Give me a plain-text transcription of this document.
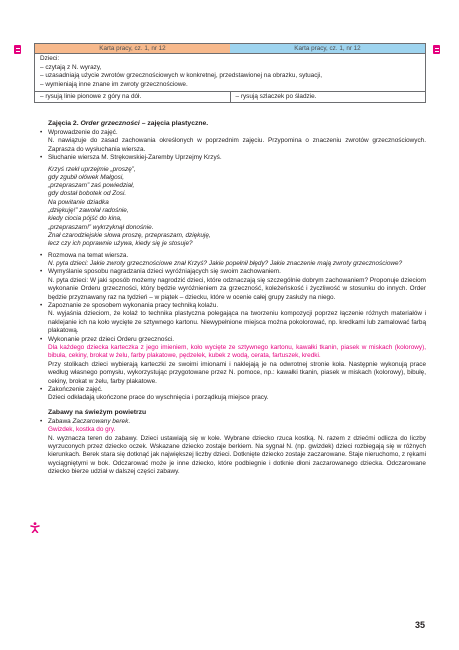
Karta pracy, cz. 1, nr 12	Karta pracy, cz. 1, nr 12
Dzieci:
– czytają z N. wyrazy,
– uzasadniają użycie zwrotów grzecznościowych w konkretnej, przedstawionej na obrazku, sytuacji,
– wymieniają inne znane im zwroty grzecznościowe.
– rysują linie pionowe z góry na dół.	– rysują szlaczek po śladzie.
Zajęcia 2. Order grzeczności – zajęcia plastyczne.
• Wprowadzenie do zajęć.
N. nawiązuje do zasad zachowania określonych w poprzednim zajęciu. Przypomina o znaczeniu zwrotów grzecznościowych. Zaprasza do wysłuchania wiersza.
• Słuchanie wiersza M. Strękowskiej-Zaremby Uprzejmy Krzyś.
Krzyś rzekł uprzejmie „proszę”,
gdy zgubił ołówek Małgosi,
„przepraszam” zaś powiedział,
gdy dostał bobotek od Zosi.
Na powitanie dziadka
„dziękuję!” zawołał radośnie,
kiedy ciocia pójść do kina,
„przepraszam!” wykrzyknął donośnie.
Znał czarodziejskie słowa proszę, przepraszam, dziękuję,
lecz czy ich poprawnie używa, kiedy się je stosuje?
• Rozmowa na temat wiersza.
N. pyta dzieci: Jakie zwroty grzecznościowe znał Krzyś? Jakie popełnił błędy? Jakie znaczenie mają zwroty grzecznościowe?
• Wymyślanie sposobu nagradzania dzieci wyróżniających się swoim zachowaniem.
N. pyta dzieci: W jaki sposób możemy nagrodzić dzieci, które odznaczają się szczególnie dobrym zachowaniem? Proponuje dzieciom wykonanie Orderu grzeczności, który będzie wyróżnieniem za grzeczność, koleżeńskość i życzliwość w stosunku do innych. Order będzie przyznawany raz na tydzień – w piątek – dziecku, które w ocenie całej grupy zasłuży na niego.
• Zapoznanie ze sposobem wykonania pracy techniką kolażu.
N. wyjaśnia dzieciom, że kolaż to technika plastyczna polegająca na tworzeniu kompozycji poprzez łączenie różnych materiałów i naklejanie ich na koło wycięte ze sztywnego kartonu. Niewypełnione miejsca można pokolorować, np. kredkami lub zamalować farbą plakatową.
• Wykonanie przez dzieci Orderu grzeczności.
Dla każdego dziecka karteczka z jego imieniem, koło wycięte ze sztywnego kartonu, kawałki tkanin, piasek w miskach (kolorowy), bibuła, cekiny, brokat w żelu, farby plakatowe, pędzelek, kubek z wodą, cerata, fartuszek, kredki.
Przy stolikach dzieci wybierają karteczki ze swoimi imionami i naklejają je na odwrotnej stronie koła. Następnie wykonują prace według własnego pomysłu, wykorzystując przygotowane przez N. pomoce, np.: kawałki tkanin, piasek w miskach (kolorowy), bibułę, cekiny, brokat w żelu, farby plakatowe.
• Zakończenie zajęć.
Dzieci odkładają ukończone prace do wyschnięcia i porządkują miejsce pracy.
Zabawy na świeżym powietrzu
• Zabawa Zaczarowany berek.
Gwizdek, kostka do gry.
N. wyznacza teren do zabawy. Dzieci ustawiają się w kole. Wybrane dziecko rzuca kostką. N. razem z dziećmi odlicza do liczby wyrzuconych przez dziecko oczek. Wskazane dziecko zostaje berkiem. Na sygnał N. (np. gwizdek) dzieci rozbiegają się w różnych kierunkach. Berek stara się dotknąć jak największej liczby dzieci. Dotknięte dziecko zostaje zaczarowane. Staje nieruchomo, z rękami wyciągniętymi w bok. Odczarować może je inne dziecko, które podbiegnie i dotknie dłoni zaczarowanego dziecka. Odczarowane dziecko bierze udział w dalszej części zabawy.
35
